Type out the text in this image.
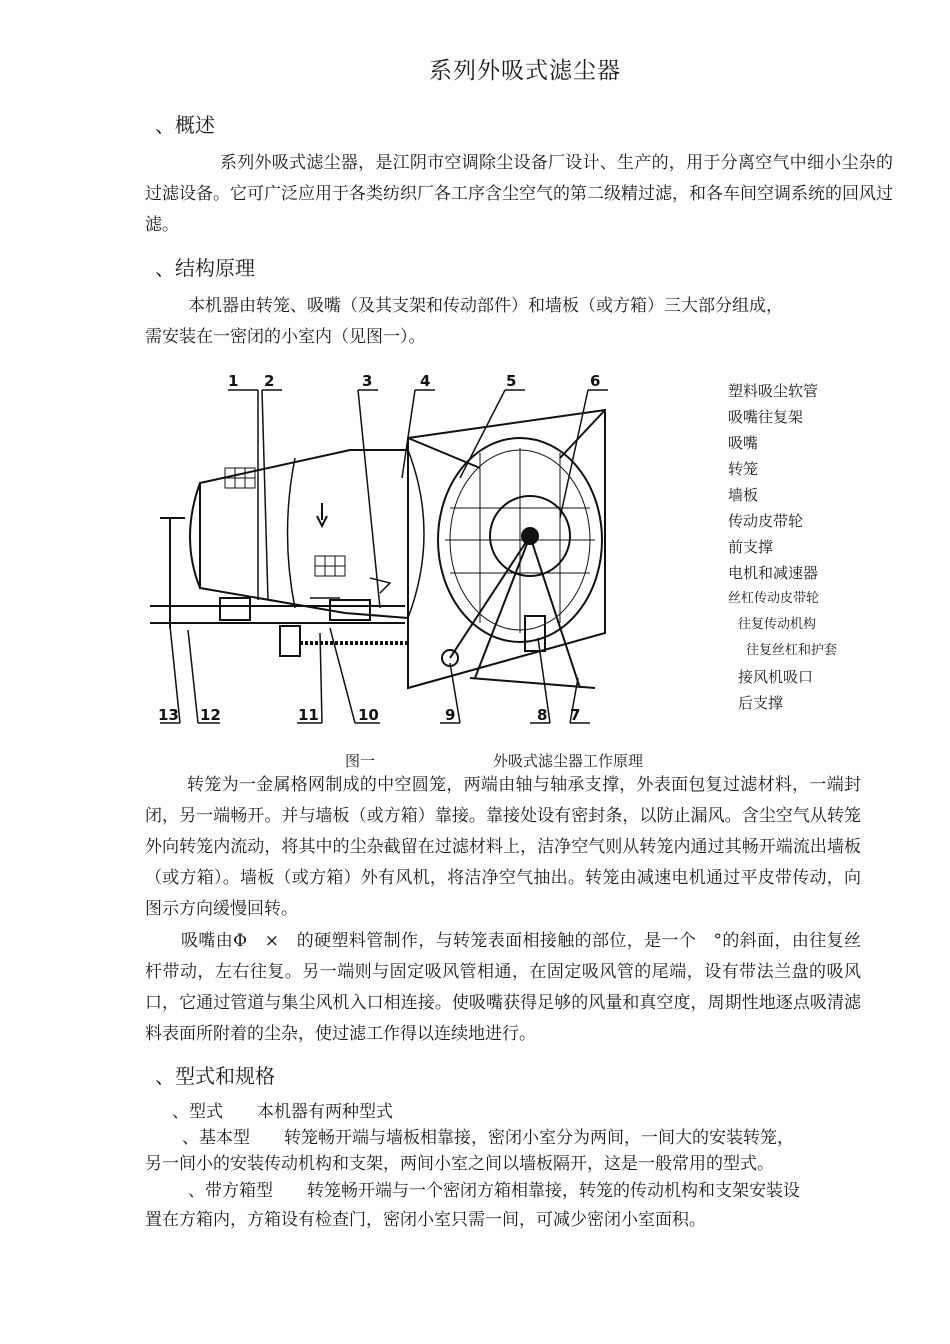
系列外吸式滤尘器
、概述
系列外吸式滤尘器，是江阴市空调除尘设备厂设计、生产的，用于分离空气中细小尘杂的过滤设备。它可广泛应用于各类纺织厂各工序含尘空气的第二级精过滤，和各车间空调系统的回风过滤。
、结构原理
本机器由转笼、吸嘴（及其支架和传动部件）和墙板（或方箱）三大部分组成，
需安装在一密闭的小室内（见图一）。
1 2	3	4	5	6
7
8
9
10
11
12
13
塑料吸尘软管
吸嘴往复架
吸嘴
转笼
墙板
传动皮带轮
前支撑
电机和减速器
丝杠传动皮带轮
往复传动机构
往复丝杠和护套
接风机吸口
后支撑
图一	外吸式滤尘器工作原理
转笼为一金属格网制成的中空圆笼，两端由轴与轴承支撑，外表面包复过滤材料，一端封闭，另一端畅开。并与墙板（或方箱）靠接。靠接处设有密封条，以防止漏风。含尘空气从转笼外向转笼内流动，将其中的尘杂截留在过滤材料上，洁净空气则从转笼内通过其畅开端流出墙板（或方箱）。墙板（或方箱）外有风机，将洁净空气抽出。转笼由减速电机通过平皮带传动，向图示方向缓慢回转。
吸嘴由Φ　×　的硬塑料管制作，与转笼表面相接触的部位，是一个　°的斜面，由往复丝杆带动，左右往复。另一端则与固定吸风管相通，在固定吸风管的尾端，设有带法兰盘的吸风口，它通过管道与集尘风机入口相连接。使吸嘴获得足够的风量和真空度，周期性地逐点吸清滤料表面所附着的尘杂，使过滤工作得以连续地进行。
、型式和规格
、型式　　本机器有两种型式
、基本型　　转笼畅开端与墙板相靠接，密闭小室分为两间，一间大的安装转笼，
另一间小的安装传动机构和支架，两间小室之间以墙板隔开，这是一般常用的型式。
、带方箱型　　转笼畅开端与一个密闭方箱相靠接，转笼的传动机构和支架安装设
置在方箱内，方箱设有检查门，密闭小室只需一间，可减少密闭小室面积。
